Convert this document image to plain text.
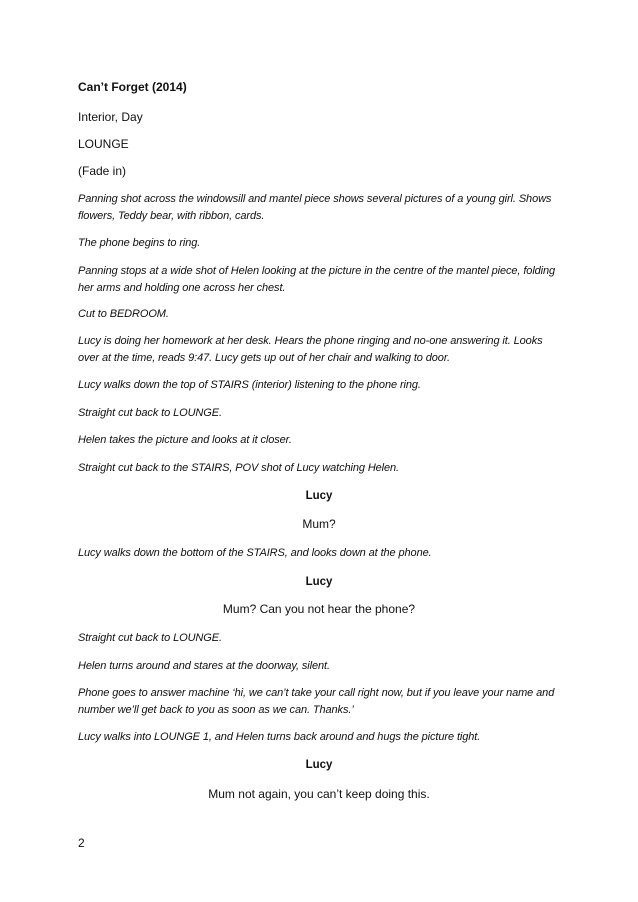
Can’t Forget (2014)
Interior, Day
LOUNGE
(Fade in)
Panning shot across the windowsill and mantel piece shows several pictures of a young girl. Shows flowers, Teddy bear, with ribbon, cards.
The phone begins to ring.
Panning stops at a wide shot of Helen looking at the picture in the centre of the mantel piece, folding her arms and holding one across her chest.
Cut to BEDROOM.
Lucy is doing her homework at her desk. Hears the phone ringing and no-one answering it. Looks over at the time, reads 9:47. Lucy gets up out of her chair and walking to door.
Lucy walks down the top of STAIRS (interior) listening to the phone ring.
Straight cut back to LOUNGE.
Helen takes the picture and looks at it closer.
Straight cut back to the STAIRS, POV shot of Lucy watching Helen.
Lucy
Mum?
Lucy walks down the bottom of the STAIRS, and looks down at the phone.
Lucy
Mum? Can you not hear the phone?
Straight cut back to LOUNGE.
Helen turns around and stares at the doorway, silent.
Phone goes to answer machine ‘hi, we can’t take your call right now, but if you leave your name and number we’ll get back to you as soon as we can. Thanks.’
Lucy walks into LOUNGE 1, and Helen turns back around and hugs the picture tight.
Lucy
Mum not again, you can’t keep doing this.
2
